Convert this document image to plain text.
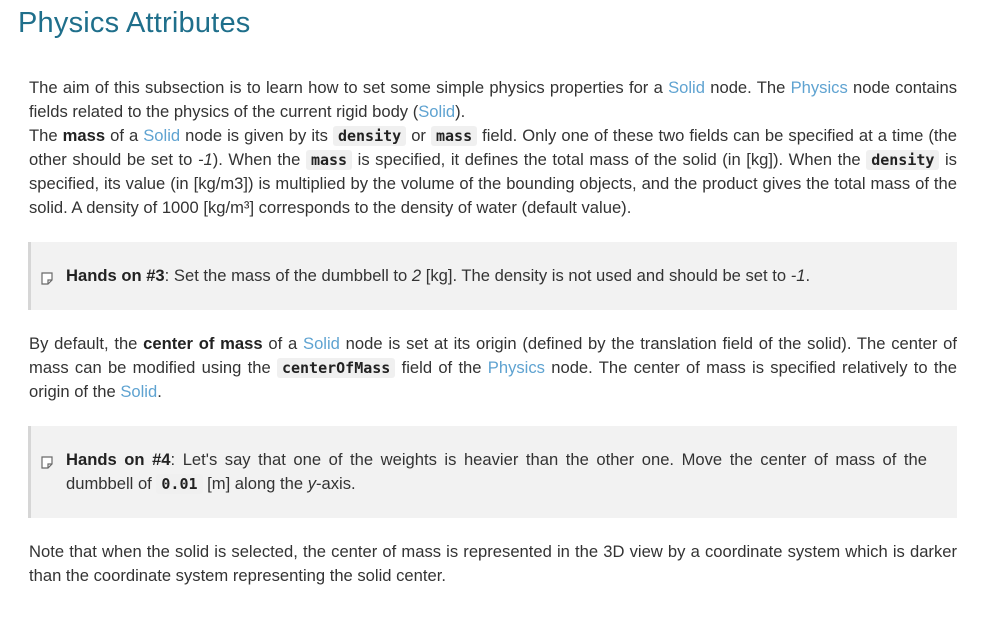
Physics Attributes

The aim of this subsection is to learn how to set some simple physics properties for a Solid node. The Physics node contains fields related to the physics of the current rigid body (Solid).

The mass of a Solid node is given by its density or mass field. Only one of these two fields can be specified at a time (the other should be set to -1). When the mass is specified, it defines the total mass of the solid (in [kg]). When the density is specified, its value (in [kg/m3]) is multiplied by the volume of the bounding objects, and the product gives the total mass of the solid. A density of 1000 [kg/m³] corresponds to the density of water (default value).

Hands on #3: Set the mass of the dumbbell to 2 [kg]. The density is not used and should be set to -1.

By default, the center of mass of a Solid node is set at its origin (defined by the translation field of the solid). The center of mass can be modified using the centerOfMass field of the Physics node. The center of mass is specified relatively to the origin of the Solid.

Hands on #4: Let's say that one of the weights is heavier than the other one. Move the center of mass of the dumbbell of 0.01 [m] along the y-axis.

Note that when the solid is selected, the center of mass is represented in the 3D view by a coordinate system which is darker than the coordinate system representing the solid center.
